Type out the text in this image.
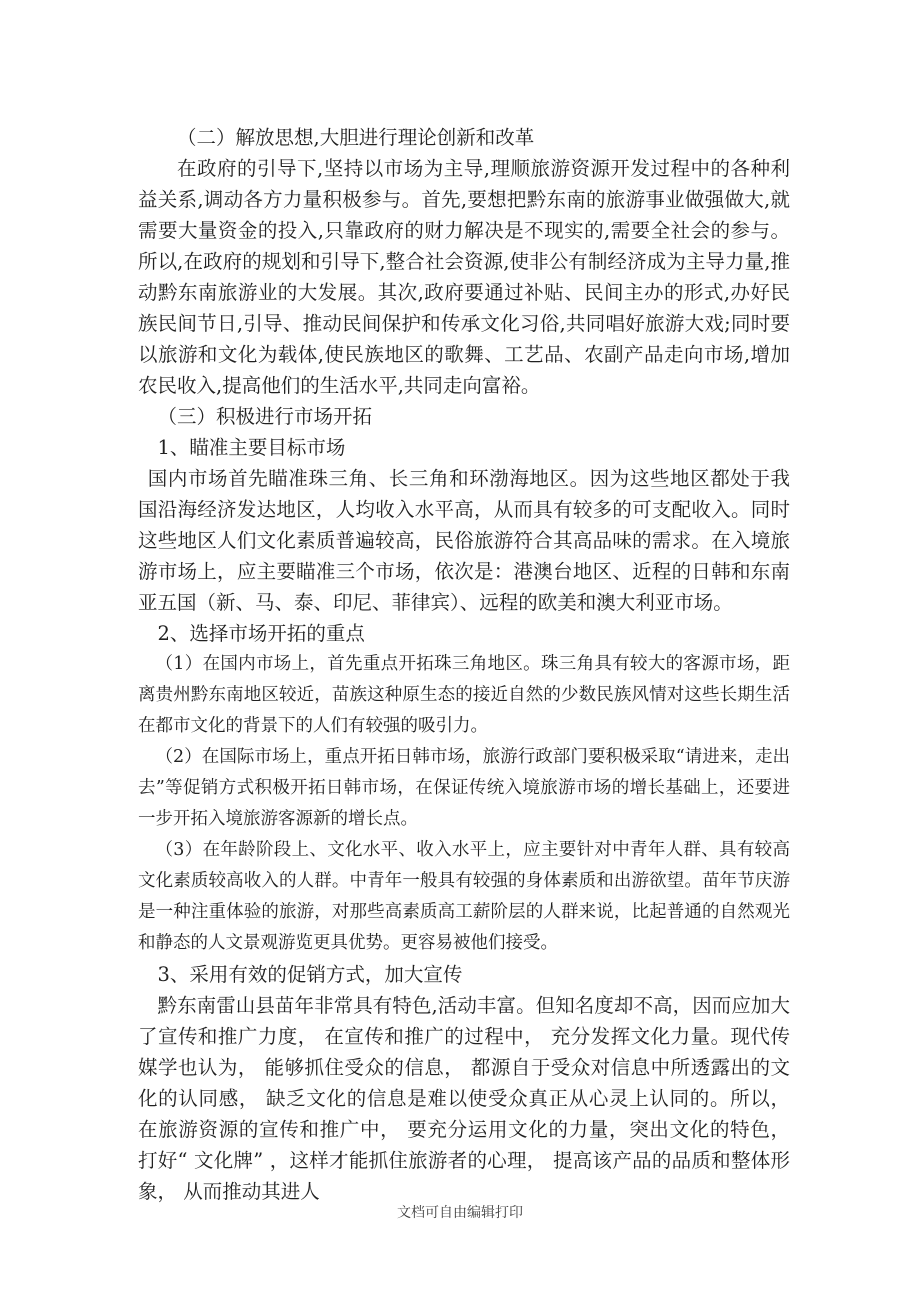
（二）解放思想,大胆进行理论创新和改革

在政府的引导下,坚持以市场为主导,理顺旅游资源开发过程中的各种利益关系,调动各方力量积极参与。首先,要想把黔东南的旅游事业做强做大,就需要大量资金的投入,只靠政府的财力解决是不现实的,需要全社会的参与。所以,在政府的规划和引导下,整合社会资源,使非公有制经济成为主导力量,推动黔东南旅游业的大发展。其次,政府要通过补贴、民间主办的形式,办好民族民间节日,引导、推动民间保护和传承文化习俗,共同唱好旅游大戏;同时要以旅游和文化为载体,使民族地区的歌舞、工艺品、农副产品走向市场,增加农民收入,提高他们的生活水平,共同走向富裕。

（三）积极进行市场开拓

1、瞄准主要目标市场

国内市场首先瞄准珠三角、长三角和环渤海地区。因为这些地区都处于我国沿海经济发达地区，人均收入水平高，从而具有较多的可支配收入。同时这些地区人们文化素质普遍较高，民俗旅游符合其高品味的需求。在入境旅游市场上，应主要瞄准三个市场，依次是：港澳台地区、近程的日韩和东南亚五国（新、马、泰、印尼、菲律宾）、远程的欧美和澳大利亚市场。

2、选择市场开拓的重点

（1）在国内市场上，首先重点开拓珠三角地区。珠三角具有较大的客源市场，距离贵州黔东南地区较近，苗族这种原生态的接近自然的少数民族风情对这些长期生活在都市文化的背景下的人们有较强的吸引力。

（2）在国际市场上，重点开拓日韩市场，旅游行政部门要积极采取“请进来，走出去”等促销方式积极开拓日韩市场，在保证传统入境旅游市场的增长基础上，还要进一步开拓入境旅游客源新的增长点。

（3）在年龄阶段上、文化水平、收入水平上，应主要针对中青年人群、具有较高文化素质较高收入的人群。中青年一般具有较强的身体素质和出游欲望。苗年节庆游是一种注重体验的旅游，对那些高素质高工薪阶层的人群来说，比起普通的自然观光和静态的人文景观游览更具优势。更容易被他们接受。

3、采用有效的促销方式，加大宣传

黔东南雷山县苗年非常具有特色,活动丰富。但知名度却不高，因而应加大了宣传和推广力度， 在宣传和推广的过程中， 充分发挥文化力量。现代传媒学也认为， 能够抓住受众的信息， 都源自于受众对信息中所透露出的文化的认同感， 缺乏文化的信息是难以使受众真正从心灵上认同的。所以， 在旅游资源的宣传和推广中， 要充分运用文化的力量，突出文化的特色， 打好“ 文化牌” ，这样才能抓住旅游者的心理， 提高该产品的品质和整体形象， 从而推动其进人

文档可自由编辑打印
